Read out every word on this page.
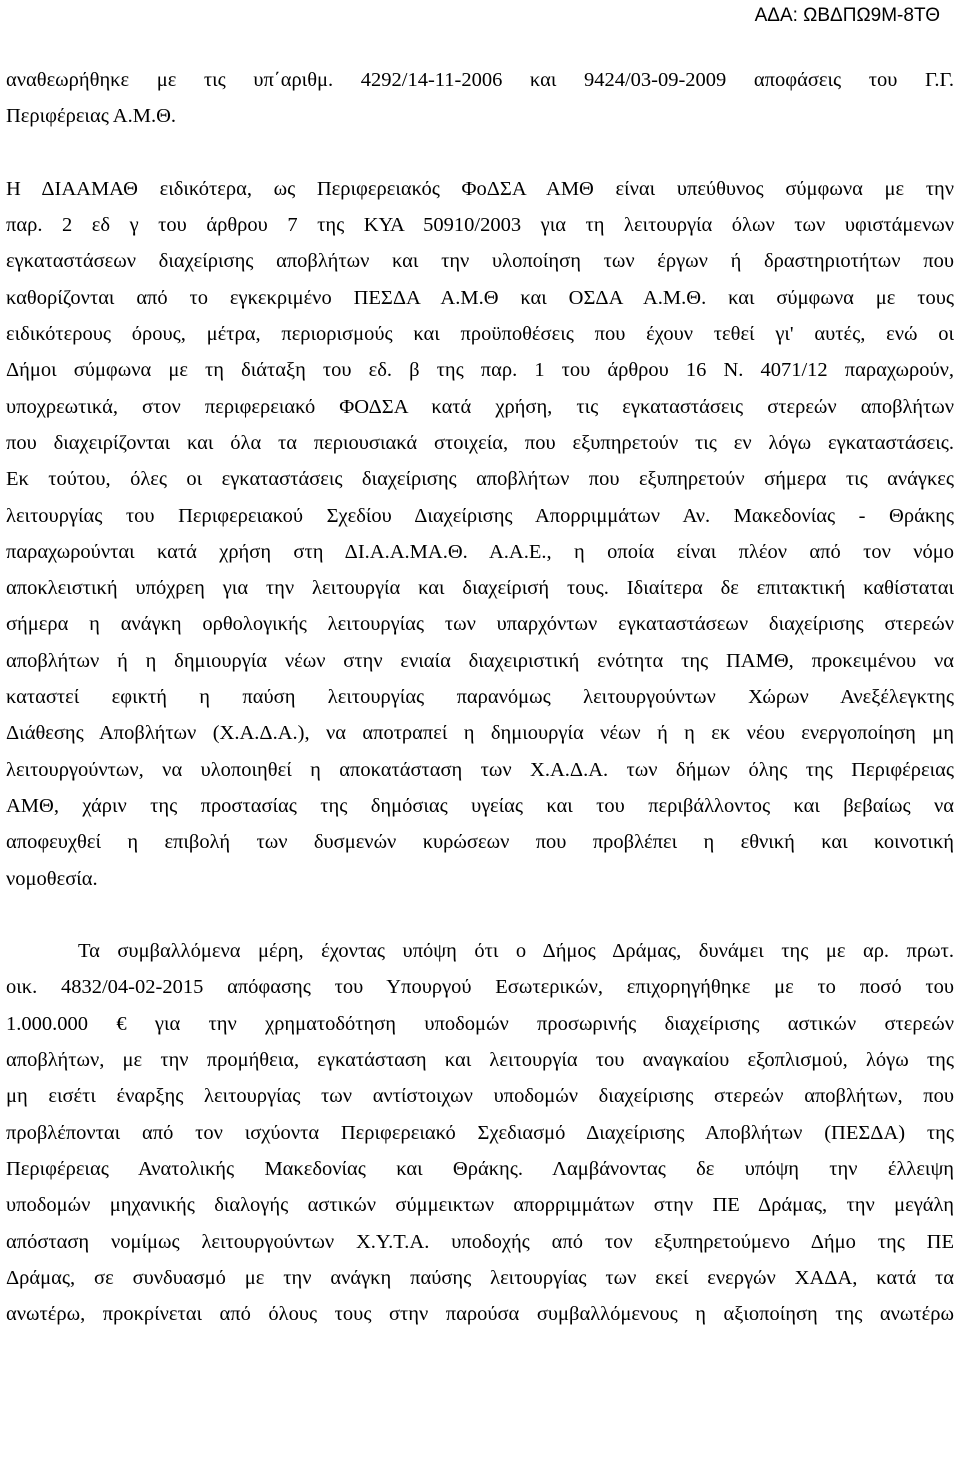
ΑΔΑ: ΩΒΔΠΩ9Μ-8ΤΘ
αναθεωρήθηκε με τις υπ΄αριθμ. 4292/14-11-2006 και 9424/03-09-2009 αποφάσεις του Γ.Γ.
Περιφέρειας Α.Μ.Θ.
Η ΔΙΑΑΜΑΘ ειδικότερα, ως Περιφερειακός ΦοΔΣΑ ΑΜΘ είναι υπεύθυνος σύμφωνα με την
παρ. 2 εδ γ του άρθρου 7 της ΚΥΑ 50910/2003 για τη λειτουργία όλων των υφιστάμενων
εγκαταστάσεων διαχείρισης αποβλήτων και την υλοποίηση των έργων ή δραστηριοτήτων που
καθορίζονται από το εγκεκριμένο ΠΕΣΔΑ Α.Μ.Θ και ΟΣΔΑ Α.Μ.Θ. και σύμφωνα με τους
ειδικότερους όρους, μέτρα, περιορισμούς και προϋποθέσεις που έχουν τεθεί γι' αυτές, ενώ οι
Δήμοι σύμφωνα με τη διάταξη του εδ. β της παρ. 1 του άρθρου 16 Ν. 4071/12 παραχωρούν,
υποχρεωτικά, στον περιφερειακό ΦΟΔΣΑ κατά χρήση, τις εγκαταστάσεις στερεών αποβλήτων
που διαχειρίζονται και όλα τα περιουσιακά στοιχεία, που εξυπηρετούν τις εν λόγω εγκαταστάσεις.
Εκ τούτου, όλες οι εγκαταστάσεις διαχείρισης αποβλήτων που εξυπηρετούν σήμερα τις ανάγκες
λειτουργίας του Περιφερειακού Σχεδίου Διαχείρισης Απορριμμάτων Αν. Μακεδονίας - Θράκης
παραχωρούνται κατά χρήση στη ΔΙ.Α.Α.ΜΑ.Θ. Α.Α.Ε., η οποία είναι πλέον από τον νόμο
αποκλειστική υπόχρεη για την λειτουργία και διαχείρισή τους. Ιδιαίτερα δε επιτακτική καθίσταται
σήμερα η ανάγκη ορθολογικής λειτουργίας των υπαρχόντων εγκαταστάσεων διαχείρισης στερεών
αποβλήτων ή η δημιουργία νέων στην ενιαία διαχειριστική ενότητα της ΠΑΜΘ, προκειμένου να
καταστεί εφικτή η παύση λειτουργίας παρανόμως λειτουργούντων Χώρων Ανεξέλεγκτης
Διάθεσης Αποβλήτων (Χ.Α.Δ.Α.), να αποτραπεί η δημιουργία νέων ή η εκ νέου ενεργοποίηση μη
λειτουργούντων, να υλοποιηθεί η αποκατάσταση των Χ.Α.Δ.Α. των δήμων όλης της Περιφέρειας
ΑΜΘ, χάριν της προστασίας της δημόσιας υγείας και του περιβάλλοντος και βεβαίως να
αποφευχθεί η επιβολή των δυσμενών κυρώσεων που προβλέπει η εθνική και κοινοτική
νομοθεσία.
Τα συμβαλλόμενα μέρη, έχοντας υπόψη ότι ο Δήμος Δράμας, δυνάμει της με αρ. πρωτ.
οικ. 4832/04-02-2015 απόφασης του Υπουργού Εσωτερικών, επιχορηγήθηκε με το ποσό του
1.000.000 € για την χρηματοδότηση υποδομών προσωρινής διαχείρισης αστικών στερεών
αποβλήτων, με την προμήθεια, εγκατάσταση και λειτουργία του αναγκαίου εξοπλισμού, λόγω της
μη εισέτι έναρξης λειτουργίας των αντίστοιχων υποδομών διαχείρισης στερεών αποβλήτων, που
προβλέπονται από τον ισχύοντα Περιφερειακό Σχεδιασμό Διαχείρισης Αποβλήτων (ΠΕΣΔΑ) της
Περιφέρειας Ανατολικής Μακεδονίας και Θράκης. Λαμβάνοντας δε υπόψη την έλλειψη
υποδομών μηχανικής διαλογής αστικών σύμμεικτων απορριμμάτων στην ΠΕ Δράμας, την μεγάλη
απόσταση νομίμως λειτουργούντων Χ.Υ.Τ.Α. υποδοχής από τον εξυπηρετούμενο Δήμο της ΠΕ
Δράμας, σε συνδυασμό με την ανάγκη παύσης λειτουργίας των εκεί ενεργών ΧΑΔΑ, κατά τα
ανωτέρω, προκρίνεται από όλους τους στην παρούσα συμβαλλόμενους η αξιοποίηση της ανωτέρω
